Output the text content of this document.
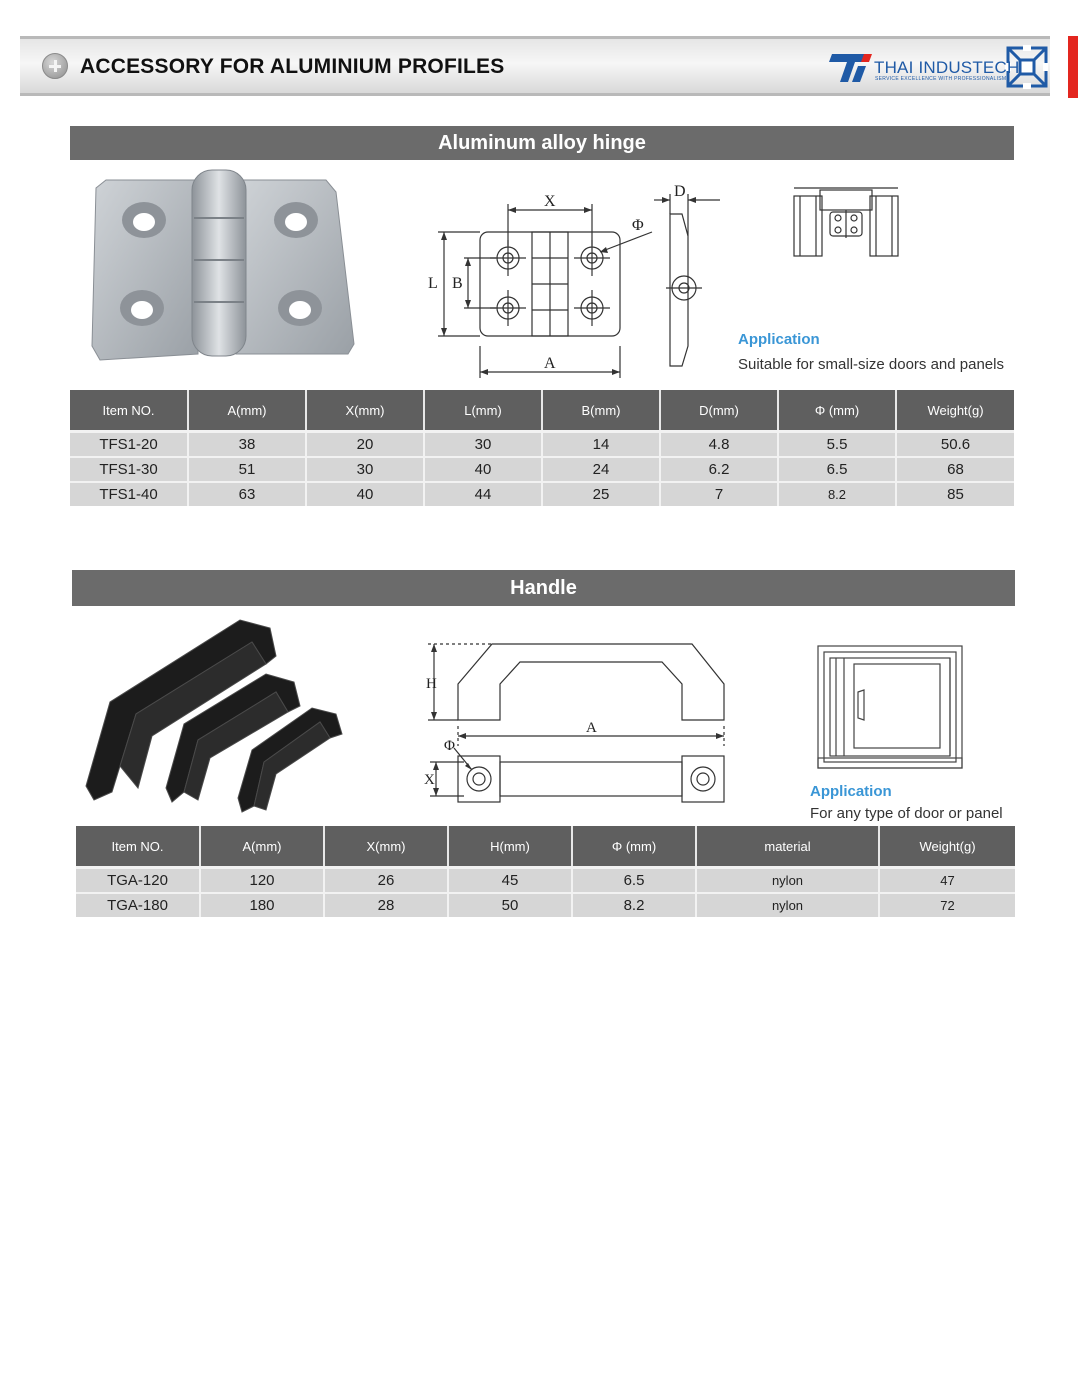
ACCESSORY FOR ALUMINIUM PROFILES	THAI INDUSTECH
SERVICE EXCELLENCE WITH PROFESSIONALISM
Aluminum alloy hinge
X
D
Φ
L B
A
Application
Suitable for small-size doors and panels
Item NO.	A(mm)	X(mm)	L(mm)	B(mm)	D(mm)	Φ (mm)	Weight(g)
TFS1-20	38	20	30	14	4.8	5.5	50.6
TFS1-30	51	30	40	24	6.2	6.5	68
TFS1-40	63	40	44	25	7	8.2	85
Handle
H
A
Φ
X
Application
For any type of door or panel
Item NO.	A(mm)	X(mm)	H(mm)	Φ (mm)	material	Weight(g)
TGA-120	120	26	45	6.5	nylon	47
TGA-180	180	28	50	8.2	nylon	72
